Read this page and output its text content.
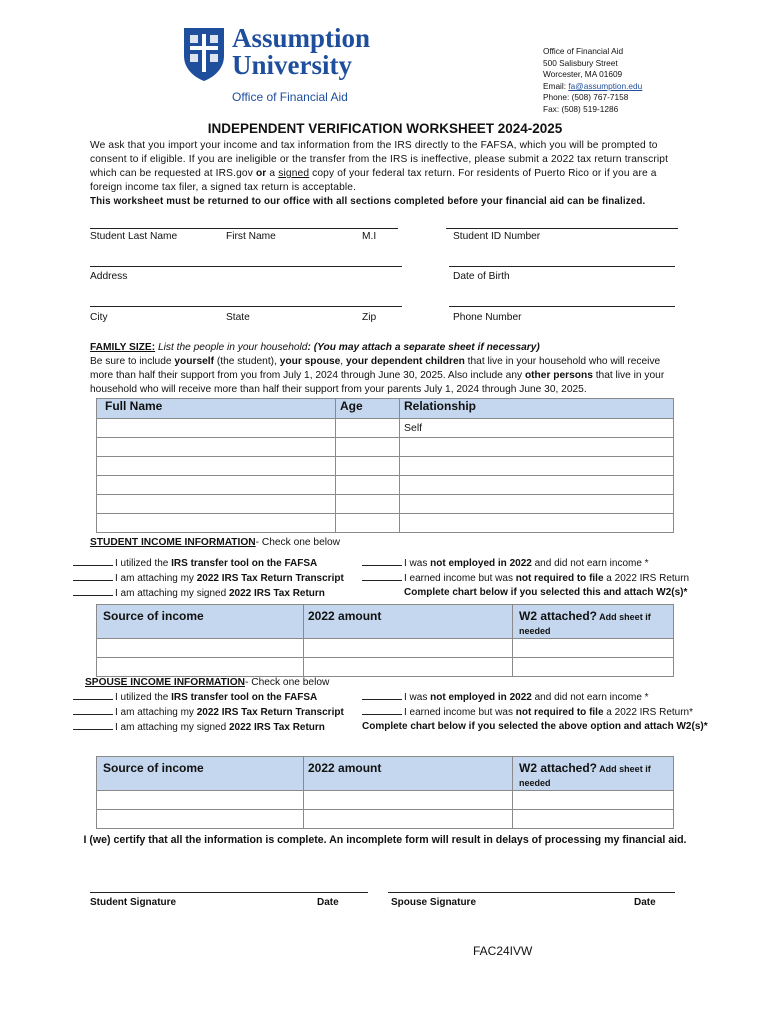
Assumption
University
Office of Financial Aid
Office of Financial Aid
500 Salisbury Street
Worcester, MA 01609
Email: fa@assumption.edu
Phone: (508) 767-7158
Fax: (508) 519-1286
INDEPENDENT VERIFICATION WORKSHEET 2024-2025
We ask that you import your income and tax information from the IRS directly to the FAFSA, which you will be prompted to consent to if eligible. If you are ineligible or the transfer from the IRS is ineffective, please submit a 2022 tax return transcript which can be requested at IRS.gov or a signed copy of your federal tax return. For residents of Puerto Rico or if you are a foreign income tax filer, a signed tax return is acceptable.
This worksheet must be returned to our office with all sections completed before your financial aid can be finalized.
Student Last Name	First Name	M.I	Student ID Number
Address	Date of Birth
City	State	Zip	Phone Number
FAMILY SIZE: List the people in your household: (You may attach a separate sheet if necessary)
Be sure to include yourself (the student), your spouse, your dependent children that live in your household who will receive more than half their support from you from July 1, 2024 through June 30, 2025. Also include any other persons that live in your household who will receive more than half their support from your parents July 1, 2024 through June 30, 2025.
Full Name	Age	Relationship
		Self

STUDENT INCOME INFORMATION- Check one below
I utilized the IRS transfer tool on the FAFSA
I am attaching my 2022 IRS Tax Return Transcript
I am attaching my signed 2022 IRS Tax Return
I was not employed in 2022 and did not earn income *
I earned income but was not required to file a 2022 IRS Return
Complete chart below if you selected this and attach W2(s)*
Source of income	2022 amount	W2 attached? Add sheet if
needed

SPOUSE INCOME INFORMATION- Check one below
I utilized the IRS transfer tool on the FAFSA
I am attaching my 2022 IRS Tax Return Transcript
I am attaching my signed 2022 IRS Tax Return
I was not employed in 2022 and did not earn income *
I earned income but was not required to file a 2022 IRS Return*
Complete chart below if you selected the above option and attach W2(s)*
Source of income	2022 amount	W2 attached? Add sheet if
needed

I (we) certify that all the information is complete. An incomplete form will result in delays of processing my financial aid.
Student Signature	Date	Spouse Signature	Date
FAC24IVW
